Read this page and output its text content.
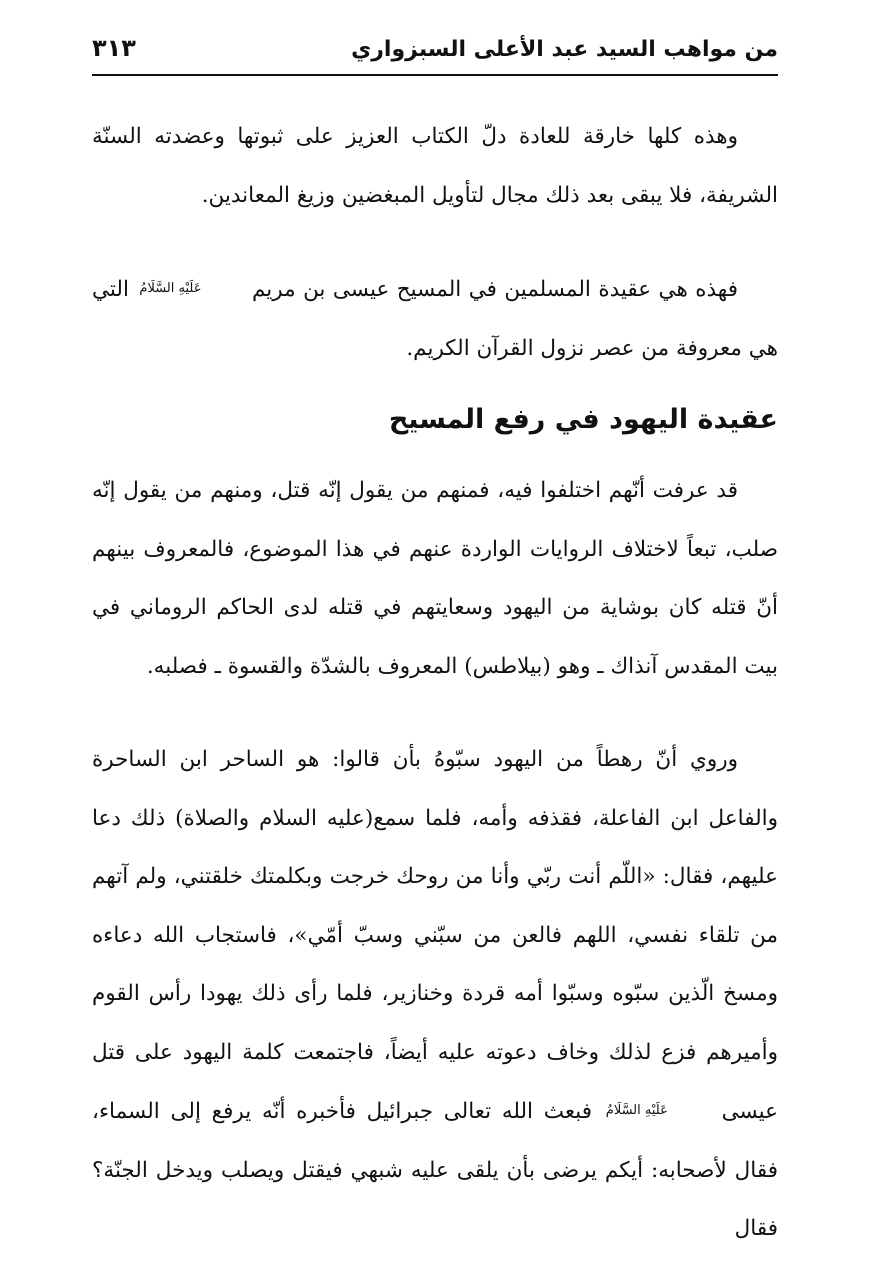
من مواهب السيد عبد الأعلى السبزواري
٣١٣

وهذه كلها خارقة للعادة دلّ الكتاب العزيز على ثبوتها وعضدته السنّة الشريفة، فلا يبقى بعد ذلك مجال لتأويل المبغضين وزيغ المعاندين.

فهذه هي عقيدة المسلمين في المسيح عيسى بن مريم عَلَيْهِ السَّلَامُ التي هي معروفة من عصر نزول القرآن الكريم.

عقيدة اليهود في رفع المسيح

قد عرفت أنّهم اختلفوا فيه، فمنهم من يقول إنّه قتل، ومنهم من يقول إنّه صلب، تبعاً لاختلاف الروايات الواردة عنهم في هذا الموضوع، فالمعروف بينهم أنّ قتله كان بوشاية من اليهود وسعايتهم في قتله لدى الحاكم الروماني في بيت المقدس آنذاك ـ وهو (بيلاطس) المعروف بالشدّة والقسوة ـ فصلبه.

وروي أنّ رهطاً من اليهود سبّوهُ بأن قالوا: هو الساحر ابن الساحرة والفاعل ابن الفاعلة، فقذفه وأمه، فلما سمع(عليه السلام والصلاة) ذلك دعا عليهم، فقال: «اللّم أنت ربّي وأنا من روحك خرجت وبكلمتك خلقتني، ولم آتهم من تلقاء نفسي، اللهم فالعن من سبّني وسبّ أمّي»، فاستجاب الله دعاءه ومسخ الّذين سبّوه وسبّوا أمه قردة وخنازير، فلما رأى ذلك يهودا رأس القوم وأميرهم فزع لذلك وخاف دعوته عليه أيضاً، فاجتمعت كلمة اليهود على قتل عيسى عَلَيْهِ السَّلَامُ فبعث الله تعالى جبرائيل فأخبره أنّه يرفع إلى السماء، فقال لأصحابه: أيكم يرضى بأن يلقى عليه شبهي فيقتل ويصلب ويدخل الجنّة؟ فقال
